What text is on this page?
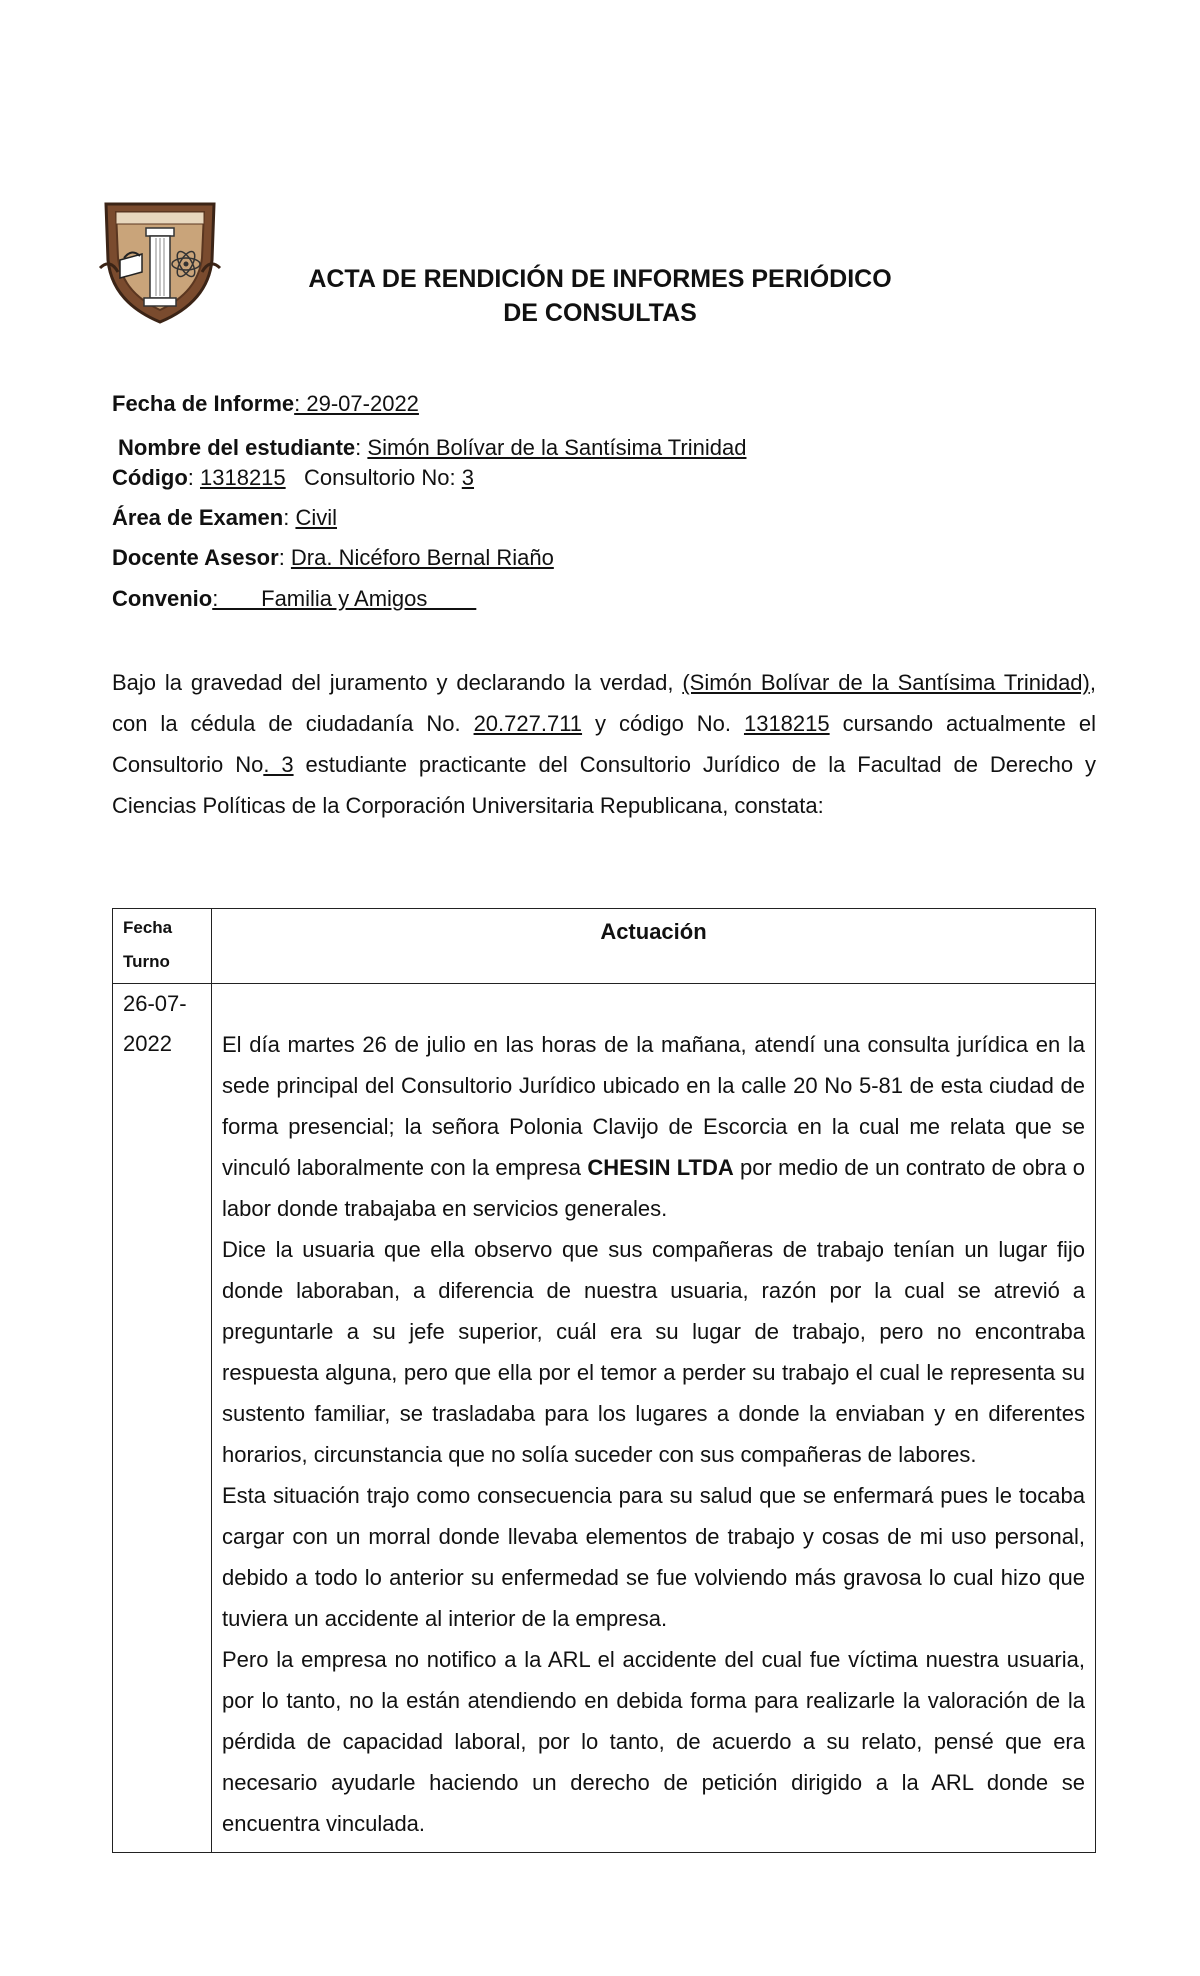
ACTA DE RENDICIÓN DE INFORMES PERIÓDICO
DE CONSULTAS
Fecha de Informe: 29-07-2022
Nombre del estudiante: Simón Bolívar de la Santísima Trinidad
Código: 1318215 Consultorio No: 3
Área de Examen: Civil
Docente Asesor: Dra. Nicéforo Bernal Riaño
Convenio:       Familia y Amigos
Bajo la gravedad del juramento y declarando la verdad, (Simón Bolívar de la Santísima Trinidad), con la cédula de ciudadanía No. 20.727.711 y código No. 1318215 cursando actualmente el Consultorio No. 3 estudiante practicante del Consultorio Jurídico de la Facultad de Derecho y Ciencias Políticas de la Corporación Universitaria Republicana, constata:
Fecha Turno	Actuación
26-07-2022	El día martes 26 de julio en las horas de la mañana, atendí una consulta jurídica en la sede principal del Consultorio Jurídico ubicado en la calle 20 No 5-81 de esta ciudad de forma presencial; la señora Polonia Clavijo de Escorcia en la cual me relata que se vinculó laboralmente con la empresa CHESIN LTDA por medio de un contrato de obra o labor donde trabajaba en servicios generales.

Dice la usuaria que ella observo que sus compañeras de trabajo tenían un lugar fijo donde laboraban, a diferencia de nuestra usuaria, razón por la cual se atrevió a preguntarle a su jefe superior, cuál era su lugar de trabajo, pero no encontraba respuesta alguna, pero que ella por el temor a perder su trabajo el cual le representa su sustento familiar, se trasladaba para los lugares a donde la enviaban y en diferentes horarios, circunstancia que no solía suceder con sus compañeras de labores.

Esta situación trajo como consecuencia para su salud que se enfermará pues le tocaba cargar con un morral donde llevaba elementos de trabajo y cosas de mi uso personal, debido a todo lo anterior su enfermedad se fue volviendo más gravosa lo cual hizo que tuviera un accidente al interior de la empresa.

Pero la empresa no notifico a la ARL el accidente del cual fue víctima nuestra usuaria, por lo tanto, no la están atendiendo en debida forma para realizarle la valoración de la pérdida de capacidad laboral, por lo tanto, de acuerdo a su relato, pensé que era necesario ayudarle haciendo un derecho de petición dirigido a la ARL donde se encuentra vinculada.
